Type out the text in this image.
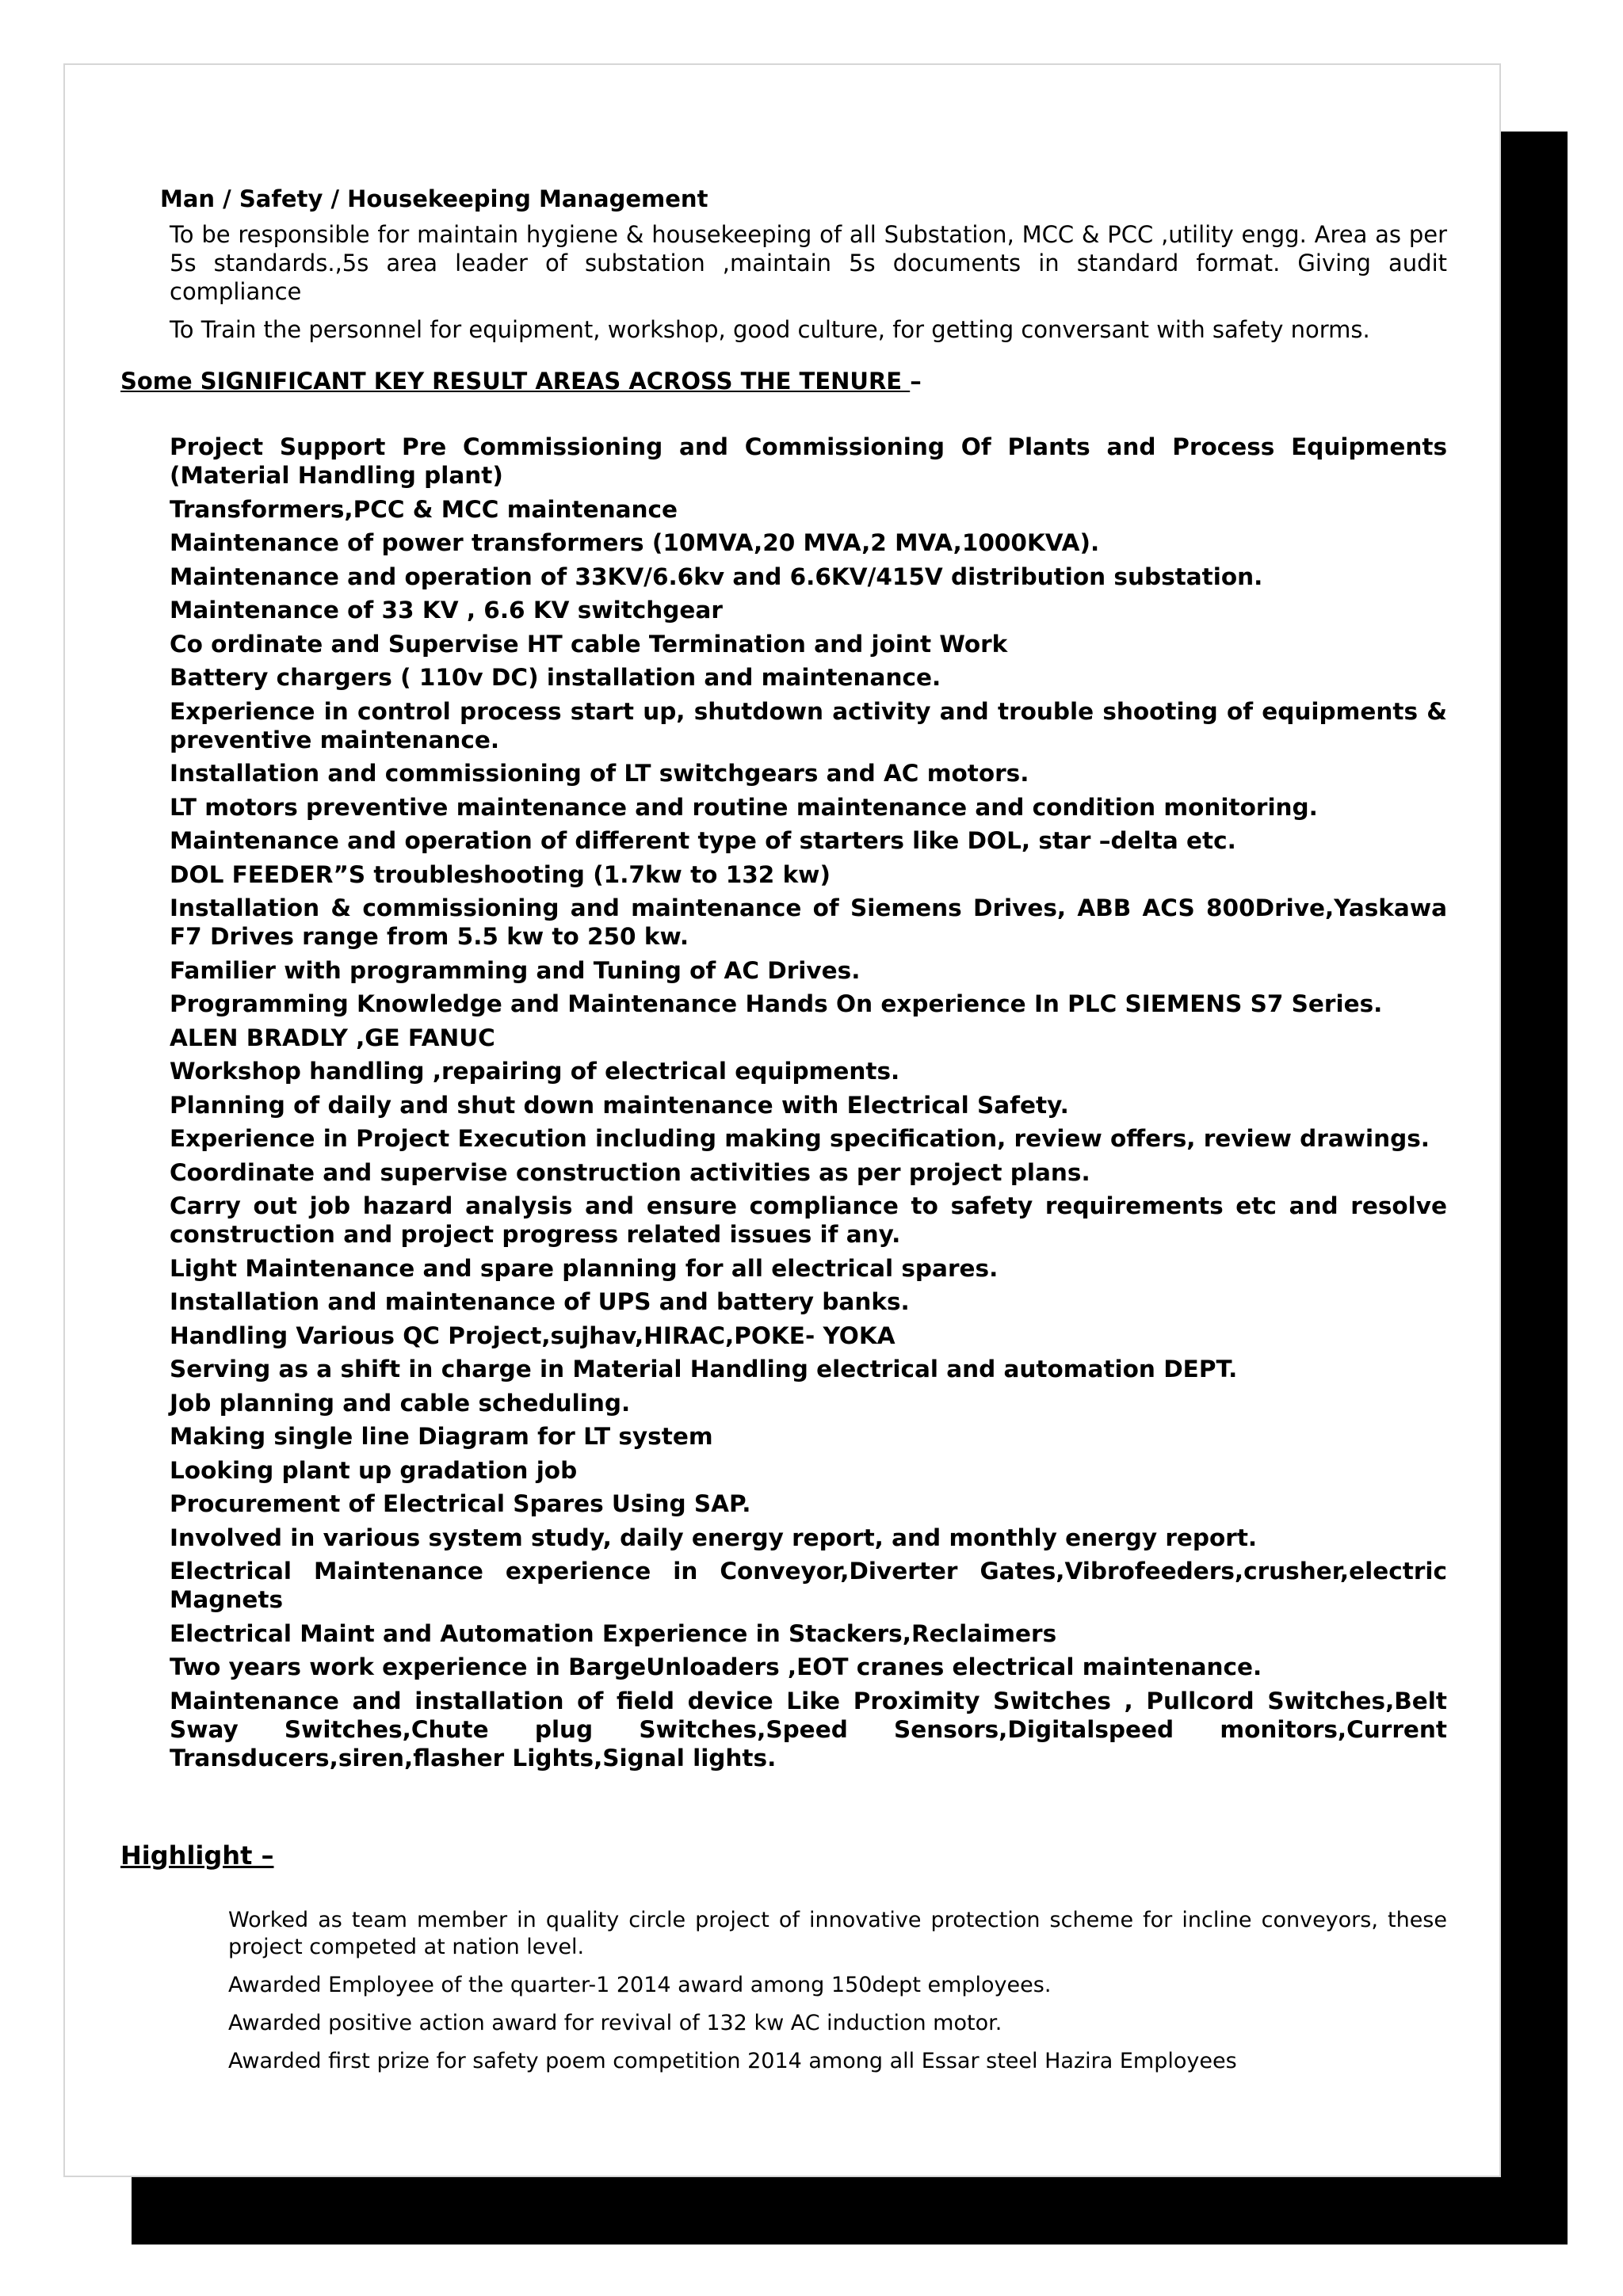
Man / Safety / Housekeeping Management
To be responsible for maintain hygiene & housekeeping of all Substation, MCC & PCC ,utility engg. Area as per 5s standards.,5s area leader of substation ,maintain 5s documents in standard format. Giving audit compliance
To Train the personnel for equipment, workshop, good culture, for getting conversant with safety norms.
Some SIGNIFICANT KEY RESULT AREAS ACROSS THE TENURE –
Project Support Pre Commissioning and Commissioning Of Plants and Process Equipments (Material Handling plant)
Transformers,PCC & MCC maintenance
Maintenance of power transformers (10MVA,20 MVA,2 MVA,1000KVA).
Maintenance and operation of 33KV/6.6kv and 6.6KV/415V distribution substation.
Maintenance of 33 KV , 6.6 KV switchgear
Co ordinate and Supervise HT cable Termination and joint Work
Battery chargers ( 110v DC) installation and maintenance.
Experience in control process start up, shutdown activity and trouble shooting of equipments & preventive maintenance.
Installation and commissioning of LT switchgears and AC motors.
LT motors preventive maintenance and routine maintenance and condition monitoring.
Maintenance and operation of different type of starters like DOL, star –delta etc.
DOL FEEDER”S troubleshooting (1.7kw to 132 kw)
Installation & commissioning and maintenance of Siemens Drives, ABB ACS 800Drive,Yaskawa F7 Drives range from 5.5 kw to 250 kw.
Familier with programming and Tuning of AC Drives.
Programming Knowledge and Maintenance Hands On experience In PLC SIEMENS S7 Series.
ALEN BRADLY ,GE FANUC
Workshop handling ,repairing of electrical equipments.
Planning of daily and shut down maintenance with Electrical Safety.
Experience in Project Execution including making specification, review offers, review drawings.
Coordinate and supervise construction activities as per project plans.
Carry out job hazard analysis and ensure compliance to safety requirements etc and resolve construction and project progress related issues if any.
Light Maintenance and spare planning for all electrical spares.
Installation and maintenance of UPS and battery banks.
Handling Various QC Project,sujhav,HIRAC,POKE- YOKA
Serving as a shift in charge in Material Handling electrical and automation DEPT.
Job planning and cable scheduling.
Making single line Diagram for LT system
Looking plant up gradation job
Procurement of Electrical Spares Using SAP.
Involved in various system study, daily energy report, and monthly energy report.
Electrical Maintenance experience in Conveyor,Diverter Gates,Vibrofeeders,crusher,electric Magnets
Electrical Maint and Automation Experience in Stackers,Reclaimers
Two years work experience in BargeUnloaders ,EOT cranes electrical maintenance.
Maintenance and installation of field device Like Proximity Switches , Pullcord Switches,Belt Sway Switches,Chute plug Switches,Speed Sensors,Digitalspeed monitors,Current Transducers,siren,flasher Lights,Signal lights.
Highlight –
Worked as team member in quality circle project of innovative protection scheme for incline conveyors, these project competed at nation level.
Awarded Employee of the quarter-1 2014 award among 150dept employees.
Awarded positive action award for revival of 132 kw AC induction motor.
Awarded first prize for safety poem competition 2014 among all Essar steel Hazira Employees
